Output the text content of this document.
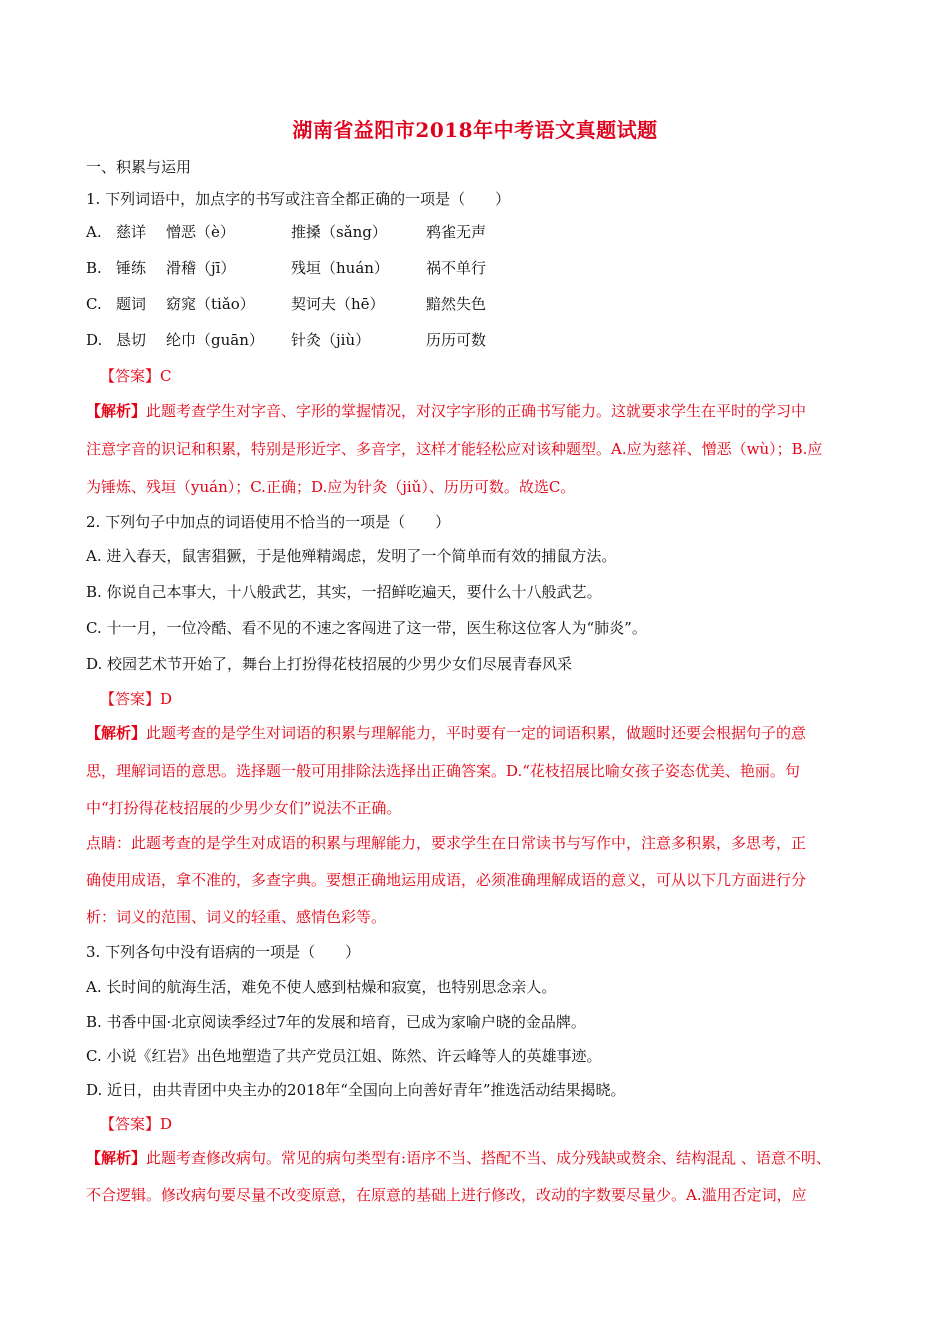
湖南省益阳市2018年中考语文真题试题
一、积累与运用
1. 下列词语中，加点字的书写或注音全都正确的一项是（　　）
A. 慈详 憎恶（è）	推搡（sǎng）	鸦雀无声
B. 锤练 滑稽（jī）	残垣（huán） 祸不单行
C. 题词 窈窕（tiǎo） 契诃夫（hē）	黯然失色
D. 恳切 纶巾（guān） 针灸（jiù）	历历可数
【答案】C
【解析】此题考查学生对字音、字形的掌握情况，对汉字字形的正确书写能力。这就要求学生在平时的学习中
注意字音的识记和积累，特别是形近字、多音字，这样才能轻松应对该种题型。A.应为慈祥、憎恶（wù）；B.应
为锤炼、残垣（yuán）；C.正确；D.应为针灸（jiǔ）、历历可数。故选C。
2. 下列句子中加点的词语使用不恰当的一项是（　　）
A. 进入春天，鼠害猖獗，于是他殚精竭虑，发明了一个简单而有效的捕鼠方法。
B. 你说自己本事大，十八般武艺，其实，一招鲜吃遍天，要什么十八般武艺。
C. 十一月，一位冷酷、看不见的不速之客闯进了这一带，医生称这位客人为“肺炎”。
D. 校园艺术节开始了，舞台上打扮得花枝招展的少男少女们尽展青春风采
【答案】D
【解析】此题考查的是学生对词语的积累与理解能力，平时要有一定的词语积累，做题时还要会根据句子的意
思，理解词语的意思。选择题一般可用排除法选择出正确答案。D.“花枝招展比喻女孩子姿态优美、艳丽。句
中“打扮得花枝招展的少男少女们”说法不正确。
点睛：此题考查的是学生对成语的积累与理解能力，要求学生在日常读书与写作中，注意多积累，多思考，正
确使用成语，拿不准的，多查字典。要想正确地运用成语，必须准确理解成语的意义，可从以下几方面进行分
析：词义的范围、词义的轻重、感情色彩等。
3. 下列各句中没有语病的一项是（　　）
A. 长时间的航海生活，难免不使人感到枯燥和寂寞，也特别思念亲人。
B. 书香中国·北京阅读季经过7年的发展和培育，已成为家喻户晓的金品牌。
C. 小说《红岩》出色地塑造了共产党员江姐、陈然、许云峰等人的英雄事迹。
D. 近日，由共青团中央主办的2018年“全国向上向善好青年”推选活动结果揭晓。
【答案】D
【解析】此题考查修改病句。常见的病句类型有:语序不当、搭配不当、成分残缺或赘余、结构混乱 、语意不明、
不合逻辑。修改病句要尽量不改变原意，在原意的基础上进行修改，改动的字数要尽量少。A.滥用否定词，应
